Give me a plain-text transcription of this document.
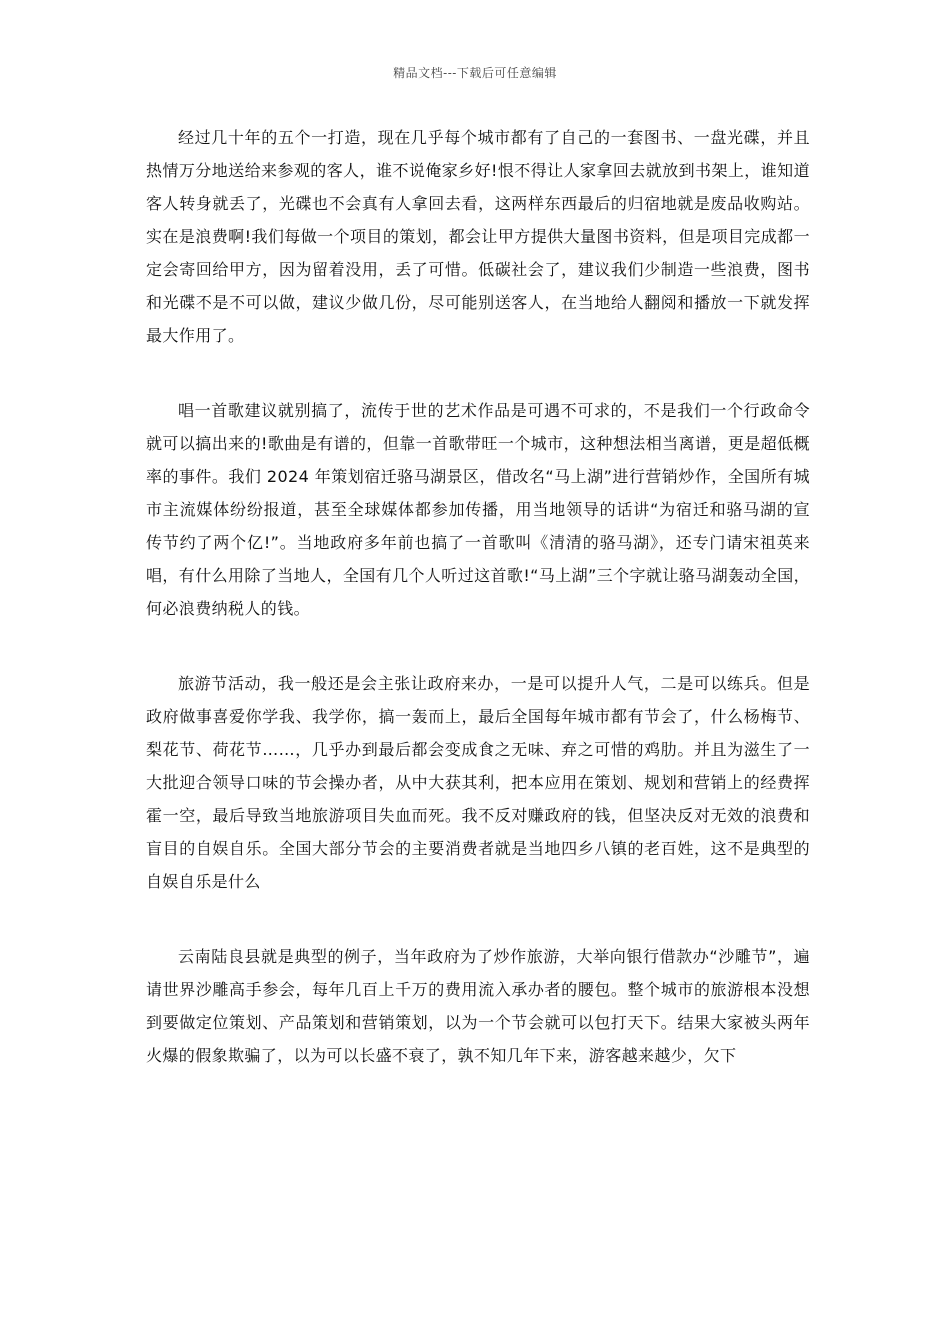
精品文档---下载后可任意编辑

经过几十年的五个一打造，现在几乎每个城市都有了自己的一套图书、一盘光碟，并且热情万分地送给来参观的客人，谁不说俺家乡好!恨不得让人家拿回去就放到书架上，谁知道客人转身就丢了，光碟也不会真有人拿回去看，这两样东西最后的归宿地就是废品收购站。实在是浪费啊!我们每做一个项目的策划，都会让甲方提供大量图书资料，但是项目完成都一定会寄回给甲方，因为留着没用，丢了可惜。低碳社会了，建议我们少制造一些浪费，图书和光碟不是不可以做，建议少做几份，尽可能别送客人，在当地给人翻阅和播放一下就发挥最大作用了。

唱一首歌建议就别搞了，流传于世的艺术作品是可遇不可求的，不是我们一个行政命令就可以搞出来的!歌曲是有谱的，但靠一首歌带旺一个城市，这种想法相当离谱，更是超低概率的事件。我们 2024 年策划宿迁骆马湖景区，借改名“马上湖”进行营销炒作，全国所有城市主流媒体纷纷报道，甚至全球媒体都参加传播，用当地领导的话讲“为宿迁和骆马湖的宣传节约了两个亿!”。当地政府多年前也搞了一首歌叫《清清的骆马湖》，还专门请宋祖英来唱，有什么用除了当地人，全国有几个人听过这首歌!“马上湖”三个字就让骆马湖轰动全国，何必浪费纳税人的钱。

旅游节活动，我一般还是会主张让政府来办，一是可以提升人气，二是可以练兵。但是政府做事喜爱你学我、我学你，搞一轰而上，最后全国每年城市都有节会了，什么杨梅节、梨花节、荷花节……，几乎办到最后都会变成食之无味、弃之可惜的鸡肋。并且为滋生了一大批迎合领导口味的节会操办者，从中大获其利，把本应用在策划、规划和营销上的经费挥霍一空，最后导致当地旅游项目失血而死。我不反对赚政府的钱，但坚决反对无效的浪费和盲目的自娱自乐。全国大部分节会的主要消费者就是当地四乡八镇的老百姓，这不是典型的自娱自乐是什么

云南陆良县就是典型的例子，当年政府为了炒作旅游，大举向银行借款办“沙雕节”，遍请世界沙雕高手参会，每年几百上千万的费用流入承办者的腰包。整个城市的旅游根本没想到要做定位策划、产品策划和营销策划，以为一个节会就可以包打天下。结果大家被头两年火爆的假象欺骗了，以为可以长盛不衰了，孰不知几年下来，游客越来越少，欠下
